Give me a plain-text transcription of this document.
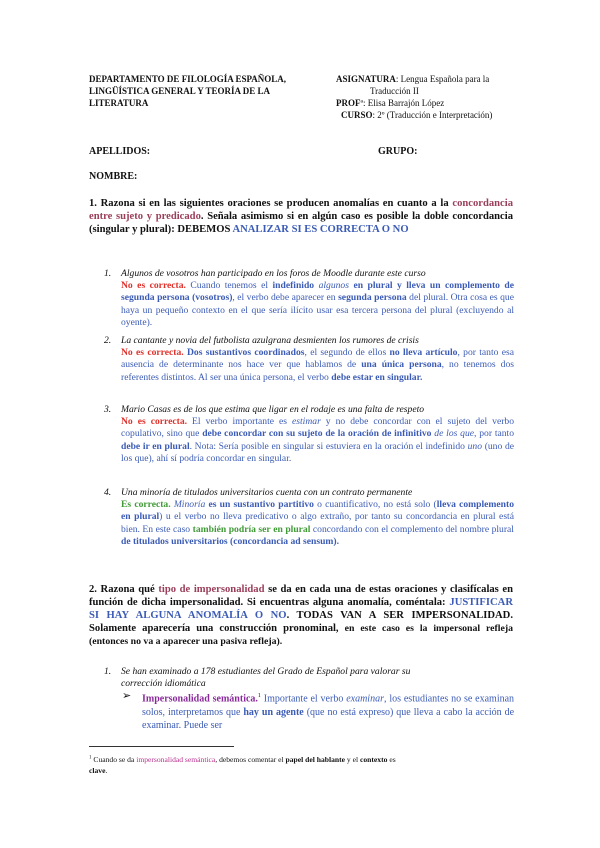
DEPARTAMENTO DE FILOLOGÍA ESPAÑOLA,
LINGÜÍSTICA GENERAL Y TEORÍA DE LA
LITERATURA
ASIGNATURA: Lengua Española para la
Traducción II
PROFª: Elisa Barrajón López
CURSO: 2º (Traducción e Interpretación)
APELLIDOS:	GRUPO:
NOMBRE:
1. Razona si en las siguientes oraciones se producen anomalías en cuanto a la concordancia entre sujeto y predicado. Señala asimismo si en algún caso es posible la doble concordancia (singular y plural): DEBEMOS ANALIZAR SI ES CORRECTA O NO
1. Algunos de vosotros han participado en los foros de Moodle durante este curso
No es correcta. Cuando tenemos el indefinido algunos en plural y lleva un complemento de segunda persona (vosotros), el verbo debe aparecer en segunda persona del plural. Otra cosa es que haya un pequeño contexto en el que sería ilícito usar esa tercera persona del plural (excluyendo al oyente).
2. La cantante y novia del futbolista azulgrana desmienten los rumores de crisis
No es correcta. Dos sustantivos coordinados, el segundo de ellos no lleva artículo, por tanto esa ausencia de determinante nos hace ver que hablamos de una única persona, no tenemos dos referentes distintos. Al ser una única persona, el verbo debe estar en singular.
3. Mario Casas es de los que estima que ligar en el rodaje es una falta de respeto
No es correcta. El verbo importante es estimar y no debe concordar con el sujeto del verbo copulativo, sino que debe concordar con su sujeto de la oración de infinitivo de los que, por tanto debe ir en plural. Nota: Sería posible en singular si estuviera en la oración el indefinido uno (uno de los que), ahí sí podría concordar en singular.
4. Una minoría de titulados universitarios cuenta con un contrato permanente
Es correcta. Minoría es un sustantivo partitivo o cuantificativo, no está solo (lleva complemento en plural) u el verbo no lleva predicativo o algo extraño, por tanto su concordancia en plural está bien. En este caso también podría ser en plural concordando con el complemento del nombre plural de titulados universitarios (concordancia ad sensum).
2. Razona qué tipo de impersonalidad se da en cada una de estas oraciones y clasifícalas en función de dicha impersonalidad. Si encuentras alguna anomalía, coméntala: JUSTIFICAR SI HAY ALGUNA ANOMALÍA O NO. TODAS VAN A SER IMPERSONALIDAD. Solamente aparecería una construcción pronominal, en este caso es la impersonal refleja (entonces no va a aparecer una pasiva refleja).
1. Se han examinado a 178 estudiantes del Grado de Español para valorar su
corrección idiomática
➢ Impersonalidad semántica.$^1$ Importante el verbo examinar, los estudiantes no se examinan solos, interpretamos que hay un agente (que no está expreso) que lleva a cabo la acción de examinar. Puede ser
$^1$ Cuando se da impersonalidad semántica, debemos comentar el papel del hablante y el contexto es
clave.
